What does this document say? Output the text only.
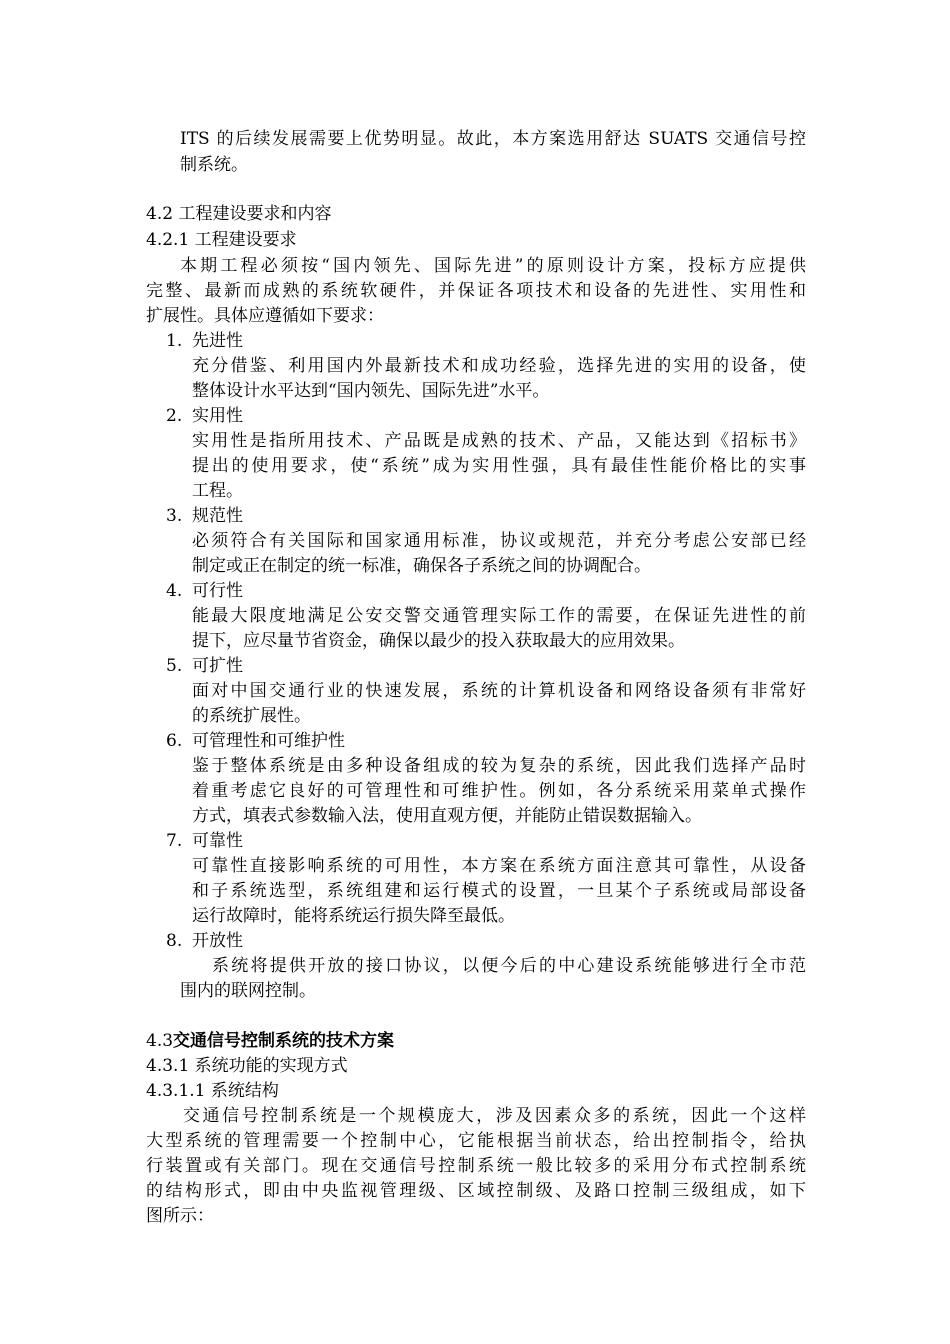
ITS 的后续发展需要上优势明显。故此，本方案选用舒达 SUATS 交通信号控
制系统。
4.2 工程建设要求和内容
4.2.1 工程建设要求
本期工程必须按“国内领先、国际先进”的原则设计方案，投标方应提供
完整、最新而成熟的系统软硬件，并保证各项技术和设备的先进性、实用性和
扩展性。具体应遵循如下要求：
1. 先进性
充分借鉴、利用国内外最新技术和成功经验，选择先进的实用的设备，使
整体设计水平达到“国内领先、国际先进”水平。
2. 实用性
实用性是指所用技术、产品既是成熟的技术、产品，又能达到《招标书》
提出的使用要求，使“系统”成为实用性强，具有最佳性能价格比的实事
工程。
3. 规范性
必须符合有关国际和国家通用标准，协议或规范，并充分考虑公安部已经
制定或正在制定的统一标准，确保各子系统之间的协调配合。
4. 可行性
能最大限度地满足公安交警交通管理实际工作的需要，在保证先进性的前
提下，应尽量节省资金，确保以最少的投入获取最大的应用效果。
5. 可扩性
面对中国交通行业的快速发展，系统的计算机设备和网络设备须有非常好
的系统扩展性。
6. 可管理性和可维护性
鉴于整体系统是由多种设备组成的较为复杂的系统，因此我们选择产品时
着重考虑它良好的可管理性和可维护性。例如，各分系统采用菜单式操作
方式，填表式参数输入法，使用直观方便，并能防止错误数据输入。
7. 可靠性
可靠性直接影响系统的可用性，本方案在系统方面注意其可靠性，从设备
和子系统选型，系统组建和运行模式的设置，一旦某个子系统或局部设备
运行故障时，能将系统运行损失降至最低。
8. 开放性
系统将提供开放的接口协议，以便今后的中心建设系统能够进行全市范
围内的联网控制。
4.3交通信号控制系统的技术方案
4.3.1 系统功能的实现方式
4.3.1.1 系统结构
交通信号控制系统是一个规模庞大，涉及因素众多的系统，因此一个这样
大型系统的管理需要一个控制中心，它能根据当前状态，给出控制指令，给执
行装置或有关部门。现在交通信号控制系统一般比较多的采用分布式控制系统
的结构形式，即由中央监视管理级、区域控制级、及路口控制三级组成，如下
图所示：
